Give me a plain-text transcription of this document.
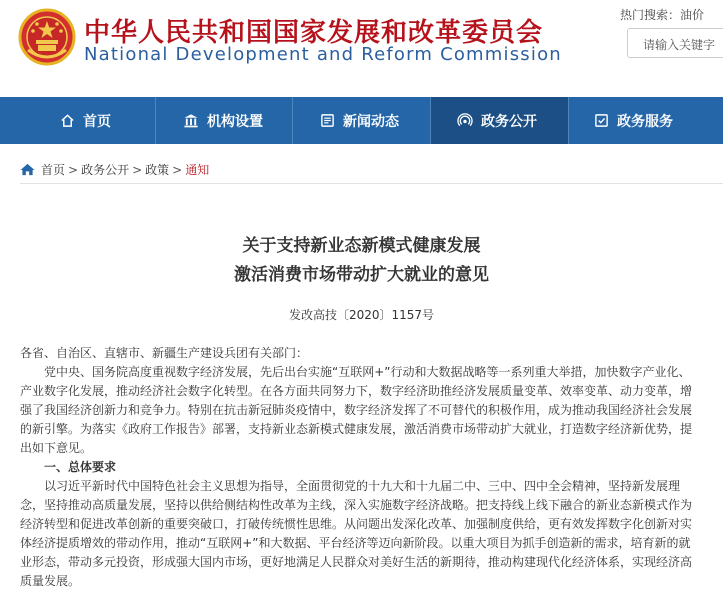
中华人民共和国国家发展和改革委员会
National Development and Reform Commission
热门搜索：油价
请输入关键字
首页	机构设置	新闻动态	政务公开	政务服务
首页 > 政务公开 > 政策 > 通知
关于支持新业态新模式健康发展
激活消费市场带动扩大就业的意见
发改高技〔2020〕1157号
各省、自治区、直辖市、新疆生产建设兵团有关部门：
党中央、国务院高度重视数字经济发展，先后出台实施“互联网+”行动和大数据战略等一系列重大举措，加快数字产业化、产业数字化发展，推动经济社会数字化转型。在各方面共同努力下，数字经济助推经济发展质量变革、效率变革、动力变革，增强了我国经济创新力和竞争力。特别在抗击新冠肺炎疫情中，数字经济发挥了不可替代的积极作用，成为推动我国经济社会发展的新引擎。为落实《政府工作报告》部署，支持新业态新模式健康发展，激活消费市场带动扩大就业，打造数字经济新优势，提出如下意见。
一、总体要求
以习近平新时代中国特色社会主义思想为指导，全面贯彻党的十九大和十九届二中、三中、四中全会精神，坚持新发展理念，坚持推动高质量发展，坚持以供给侧结构性改革为主线，深入实施数字经济战略。把支持线上线下融合的新业态新模式作为经济转型和促进改革创新的重要突破口，打破传统惯性思维。从问题出发深化改革、加强制度供给，更有效发挥数字化创新对实体经济提质增效的带动作用，推动“互联网+”和大数据、平台经济等迈向新阶段。以重大项目为抓手创造新的需求，培育新的就业形态，带动多元投资，形成强大国内市场，更好地满足人民群众对美好生活的新期待，推动构建现代化经济体系，实现经济高质量发展。
